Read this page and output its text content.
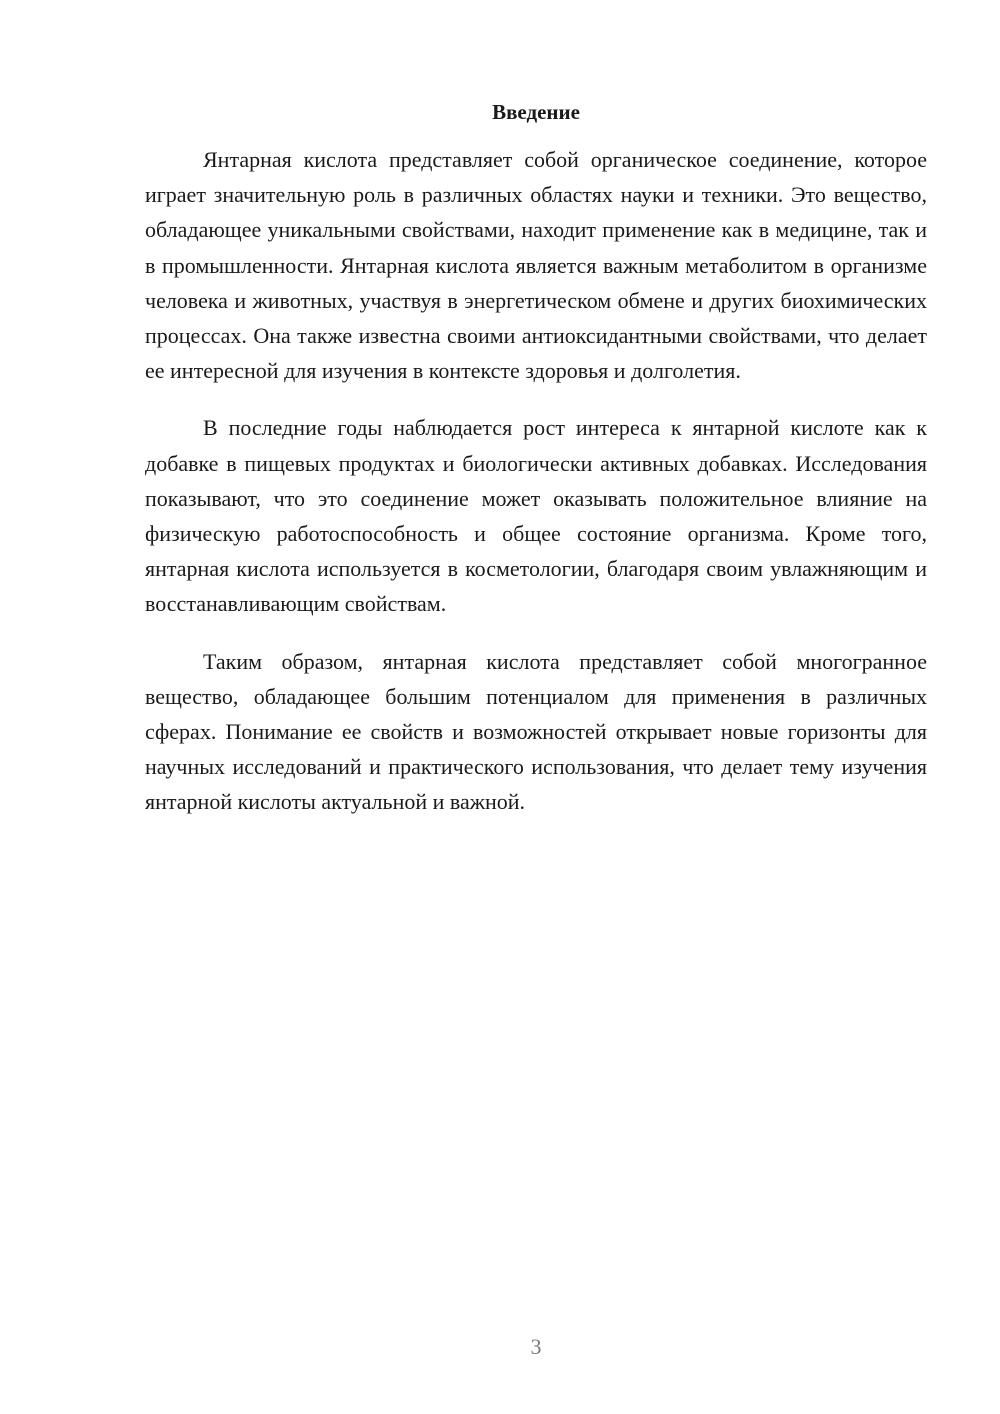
Введение

Янтарная кислота представляет собой органическое соединение, которое играет значительную роль в различных областях науки и техники. Это вещество, обладающее уникальными свойствами, находит применение как в медицине, так и в промышленности. Янтарная кислота является важным метаболитом в организме человека и животных, участвуя в энергетическом обмене и других биохимических процессах. Она также известна своими антиоксидантными свойствами, что делает ее интересной для изучения в контексте здоровья и долголетия.

В последние годы наблюдается рост интереса к янтарной кислоте как к добавке в пищевых продуктах и биологически активных добавках. Исследования показывают, что это соединение может оказывать положительное влияние на физическую работоспособность и общее состояние организма. Кроме того, янтарная кислота используется в косметологии, благодаря своим увлажняющим и восстанавливающим свойствам.

Таким образом, янтарная кислота представляет собой многогранное вещество, обладающее большим потенциалом для применения в различных сферах. Понимание ее свойств и возможностей открывает новые горизонты для научных исследований и практического использования, что делает тему изучения янтарной кислоты актуальной и важной.

3
